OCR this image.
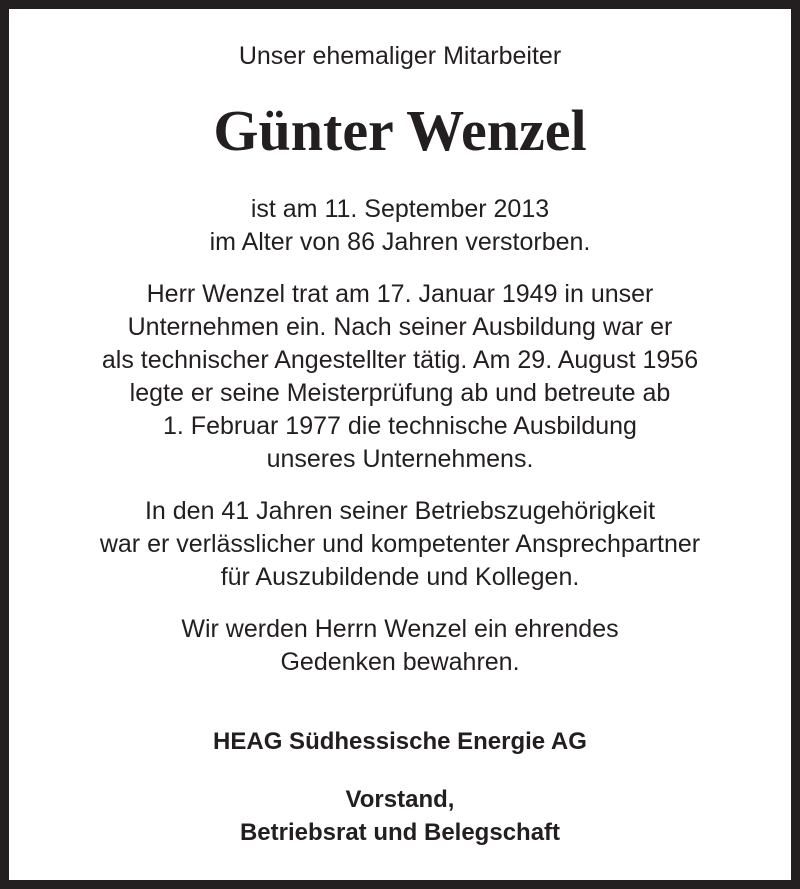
Unser ehemaliger Mitarbeiter
Günter Wenzel
ist am 11. September 2013
im Alter von 86 Jahren verstorben.
Herr Wenzel trat am 17. Januar 1949 in unser
Unternehmen ein. Nach seiner Ausbildung war er
als technischer Angestellter tätig. Am 29. August 1956
legte er seine Meisterprüfung ab und betreute ab
1. Februar 1977 die technische Ausbildung
unseres Unternehmens.
In den 41 Jahren seiner Betriebszugehörigkeit
war er verlässlicher und kompetenter Ansprechpartner
für Auszubildende und Kollegen.
Wir werden Herrn Wenzel ein ehrendes
Gedenken bewahren.
HEAG Südhessische Energie AG
Vorstand,
Betriebsrat und Belegschaft
